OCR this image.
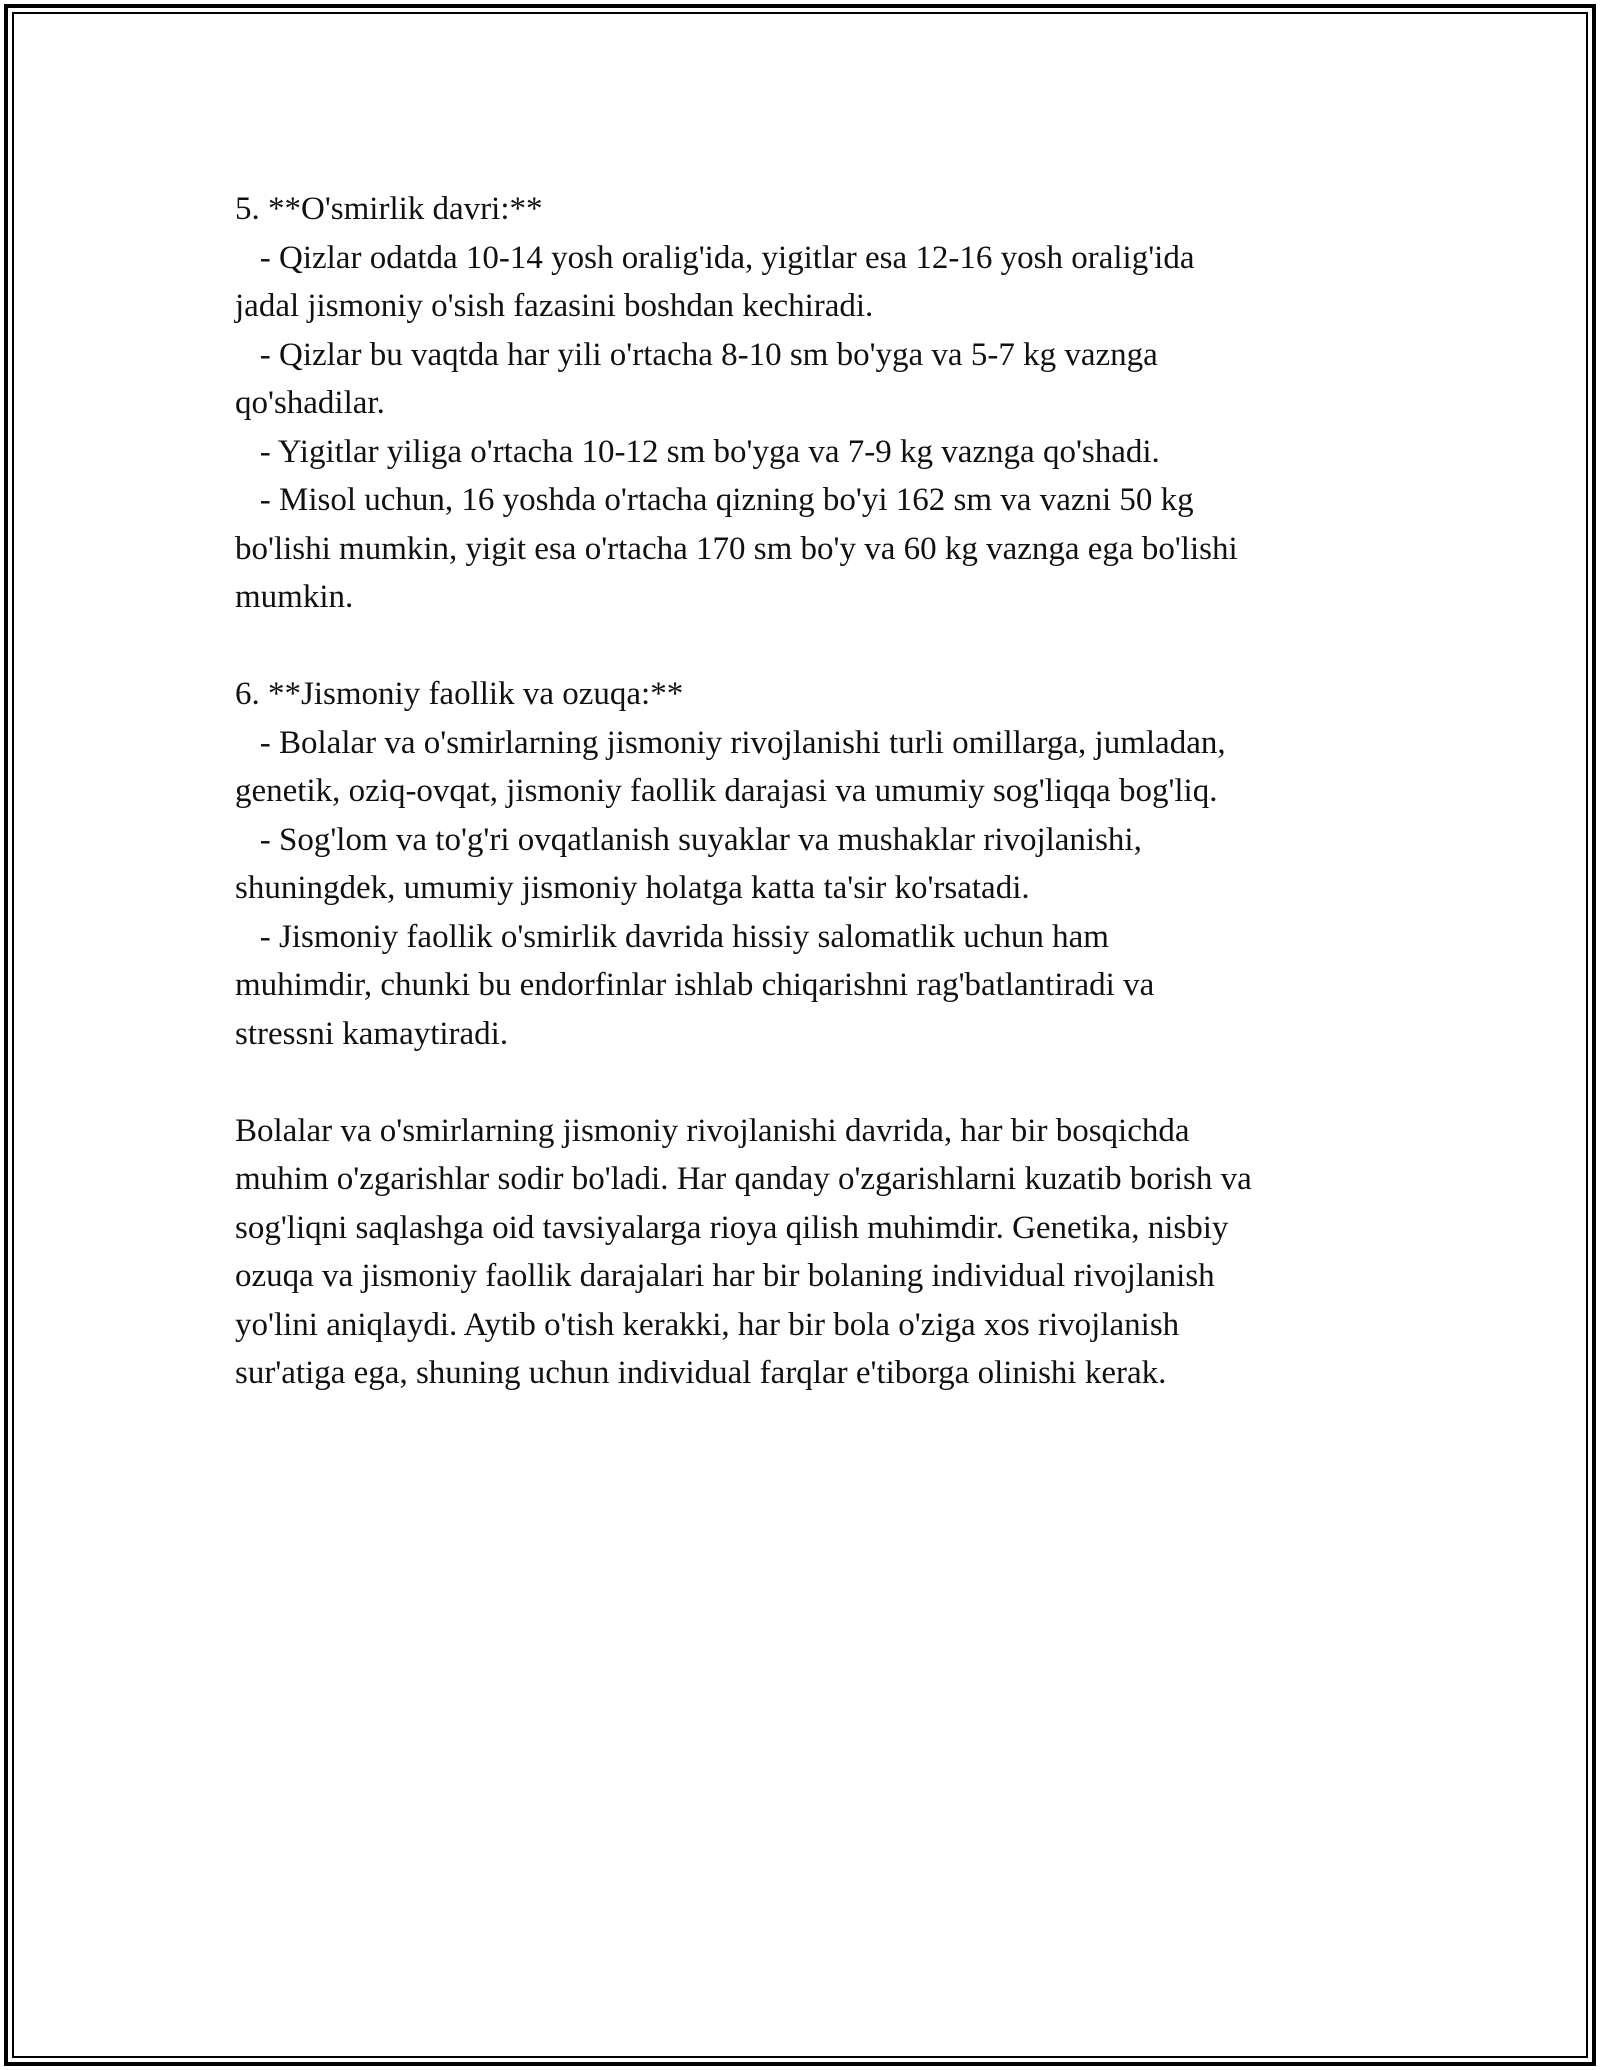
5. **O'smirlik davri:**
- Qizlar odatda 10-14 yosh oralig'ida, yigitlar esa 12-16 yosh oralig'ida
jadal jismoniy o'sish fazasini boshdan kechiradi.
- Qizlar bu vaqtda har yili o'rtacha 8-10 sm bo'yga va 5-7 kg vaznga
qo'shadilar.
- Yigitlar yiliga o'rtacha 10-12 sm bo'yga va 7-9 kg vaznga qo'shadi.
- Misol uchun, 16 yoshda o'rtacha qizning bo'yi 162 sm va vazni 50 kg
bo'lishi mumkin, yigit esa o'rtacha 170 sm bo'y va 60 kg vaznga ega bo'lishi
mumkin.
6. **Jismoniy faollik va ozuqa:**
- Bolalar va o'smirlarning jismoniy rivojlanishi turli omillarga, jumladan,
genetik, oziq-ovqat, jismoniy faollik darajasi va umumiy sog'liqqa bog'liq.
- Sog'lom va to'g'ri ovqatlanish suyaklar va mushaklar rivojlanishi,
shuningdek, umumiy jismoniy holatga katta ta'sir ko'rsatadi.
- Jismoniy faollik o'smirlik davrida hissiy salomatlik uchun ham
muhimdir, chunki bu endorfinlar ishlab chiqarishni rag'batlantiradi va
stressni kamaytiradi.
Bolalar va o'smirlarning jismoniy rivojlanishi davrida, har bir bosqichda
muhim o'zgarishlar sodir bo'ladi. Har qanday o'zgarishlarni kuzatib borish va
sog'liqni saqlashga oid tavsiyalarga rioya qilish muhimdir. Genetika, nisbiy
ozuqa va jismoniy faollik darajalari har bir bolaning individual rivojlanish
yo'lini aniqlaydi. Aytib o'tish kerakki, har bir bola o'ziga xos rivojlanish
sur'atiga ega, shuning uchun individual farqlar e'tiborga olinishi kerak.
